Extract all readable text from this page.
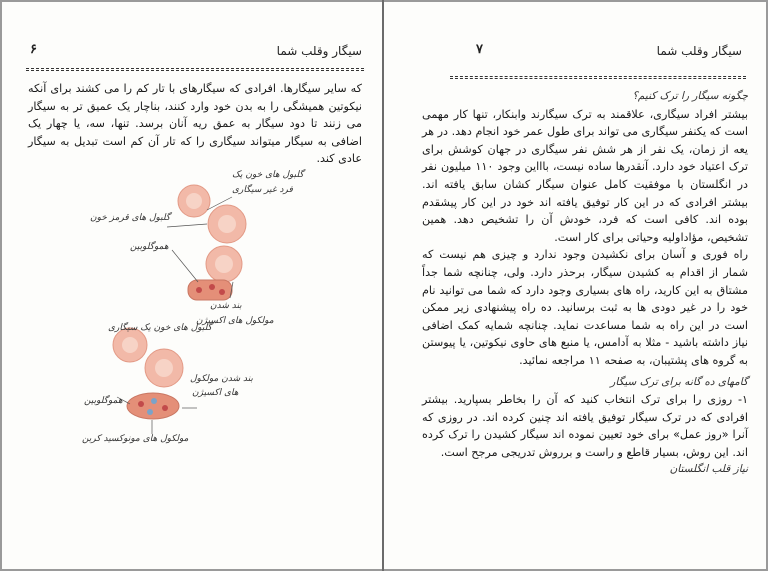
سیگار وقلب شما
۶

که سایر سیگارها. افرادی که سیگارهای با تار کم را می کشند برای آنکه نیکوتین همیشگی را به بدن خود وارد کنند، بناچار یک عمیق تر به سیگار می زنند تا دود سیگار به عمق ریه آنان برسد. تنها، سه، یا چهار یک اضافی به سیگار میتواند سیگاری را که تار آن کم است تبدیل به سیگار عادی کند.

گلبول های خون یک
فرد غیر سیگاری
گلبول های قرمز خون
هموگلوبین
بند شدن
مولکول های اکسیژن
گلبول های خون یک سیگاری
بند شدن مولکول
های اکسیژن
هموگلوبین
مولکول های مونوکسید کربن
سیگار وقلب شما
۷

چگونه سیگار را ترک کنیم؟

بیشتر افراد سیگاری، علاقمند به ترک سیگارند وابنکار، تنها کار مهمی است که یکنفر سیگاری می تواند برای طول عمر خود انجام دهد. در هر یعه از زمان، یک نفر از هر شش نفر سیگاری در جهان کوشش برای ترک اعتیاد خود دارد. آنقدرها ساده نیست، باااین وجود ۱۱۰ میلیون نفر در انگلستان با موفقیت کامل عنوان سیگار کشان سابق یافته اند. بیشتر افرادی که در این کار توفیق یافته اند خود در این کار پیشقدم بوده اند. کافی است که فرد، خودش آن را تشخیص دهد. همین تشخیص، مؤاداولیه وحیاتی برای کار است.

راه فوری و آسان برای نکشیدن وجود ندارد و چیزی هم نیست که شمار از اقدام به کشیدن سیگار، برحذر دارد. ولی، چنانچه شما جداً مشتاق به این کارید، راه های بسیاری وجود دارد که شما می توانید نام خود را در غیر دودی ها به ثبت برسانید. ده راه پیشنهادی زیر ممکن است در این راه به شما مساعدت نماید. چنانچه شمایه کمک اضافی نیاز داشته باشید - مثلا به آدامس، یا منبع های حاوی نیکوتین، یا پیوستن به گروه های پشتیبان، به صفحه ۱۱ مراجعه نمائید.

گامهای ده گانه برای ترک سیگار

۱- روزی را برای ترک انتخاب کنید که آن را بخاطر بسپارید. بیشتر افرادی که در ترک سیگار توفیق یافته اند چنین کرده اند. در روزی که آنرا «روز عمل» برای خود تعیین نموده اند سیگار کشیدن را ترک کرده اند. این روش، بسیار قاطع و راست و برروش تدریجی مرجح است.

نیاز قلب انگلستان
